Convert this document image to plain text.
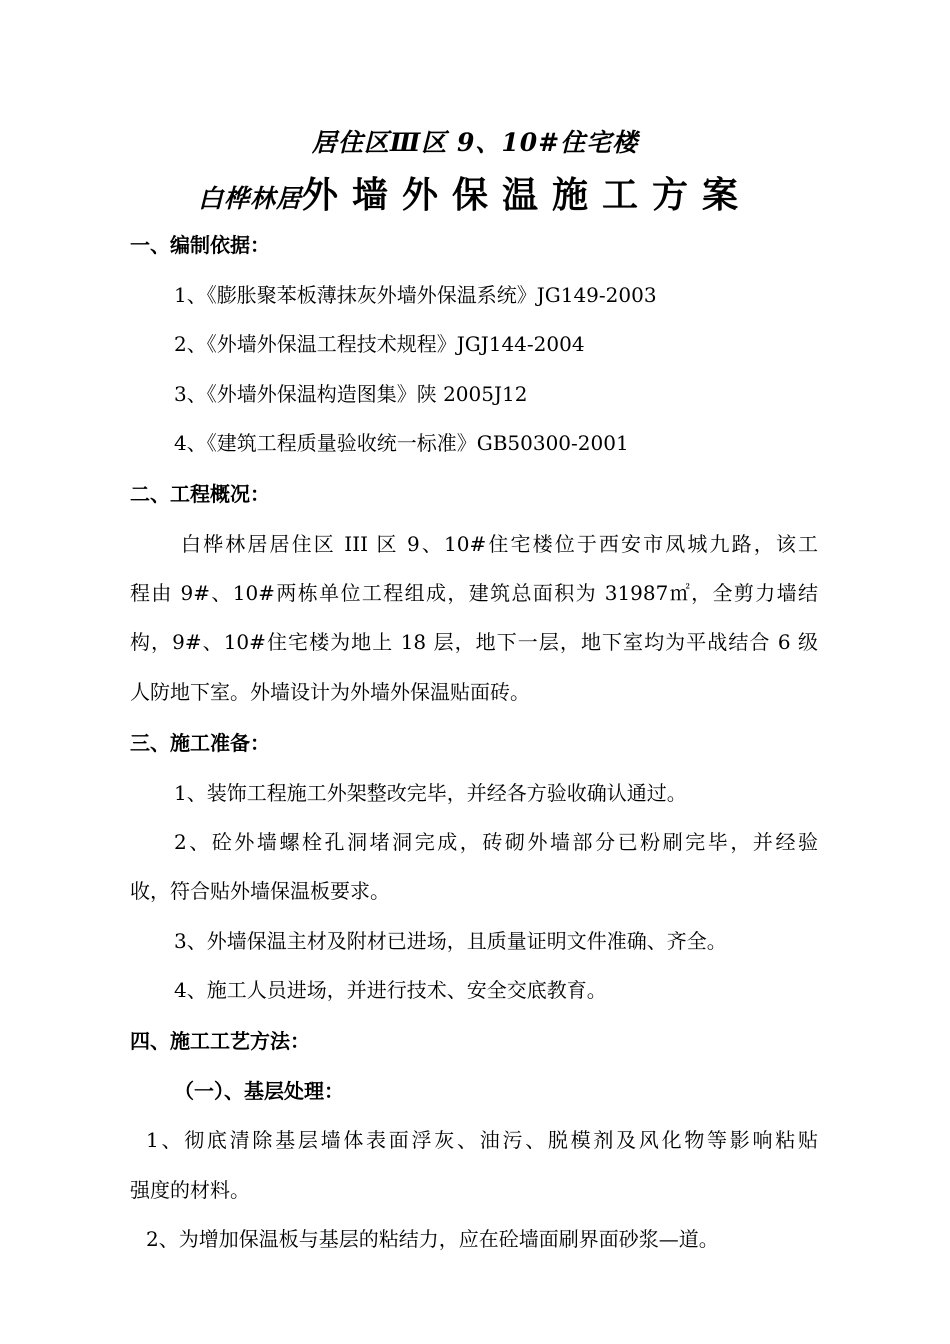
居住区Ⅲ区 9、10#住宅楼
白桦林居外墙外保温施工方案
一、编制依据：
1、《膨胀聚苯板薄抹灰外墙外保温系统》JG149-2003
2、《外墙外保温工程技术规程》JGJ144-2004
3、《外墙外保温构造图集》陕 2005J12
4、《建筑工程质量验收统一标准》GB50300-2001
二、工程概况：
白桦林居居住区 III 区 9、10#住宅楼位于西安市凤城九路，该工
程由 9#、10#两栋单位工程组成，建筑总面积为 31987㎡，全剪力墙结
构，9#、10#住宅楼为地上 18 层，地下一层，地下室均为平战结合 6 级
人防地下室。外墙设计为外墙外保温贴面砖。
三、施工准备：
1、装饰工程施工外架整改完毕，并经各方验收确认通过。
2、砼外墙螺栓孔洞堵洞完成，砖砌外墙部分已粉刷完毕，并经验
收，符合贴外墙保温板要求。
3、外墙保温主材及附材已进场，且质量证明文件准确、齐全。
4、施工人员进场，并进行技术、安全交底教育。
四、施工工艺方法：
（一）、基层处理：
1、彻底清除基层墙体表面浮灰、油污、脱模剂及风化物等影响粘贴
强度的材料。
2、为增加保温板与基层的粘结力，应在砼墙面刷界面砂浆—道。
